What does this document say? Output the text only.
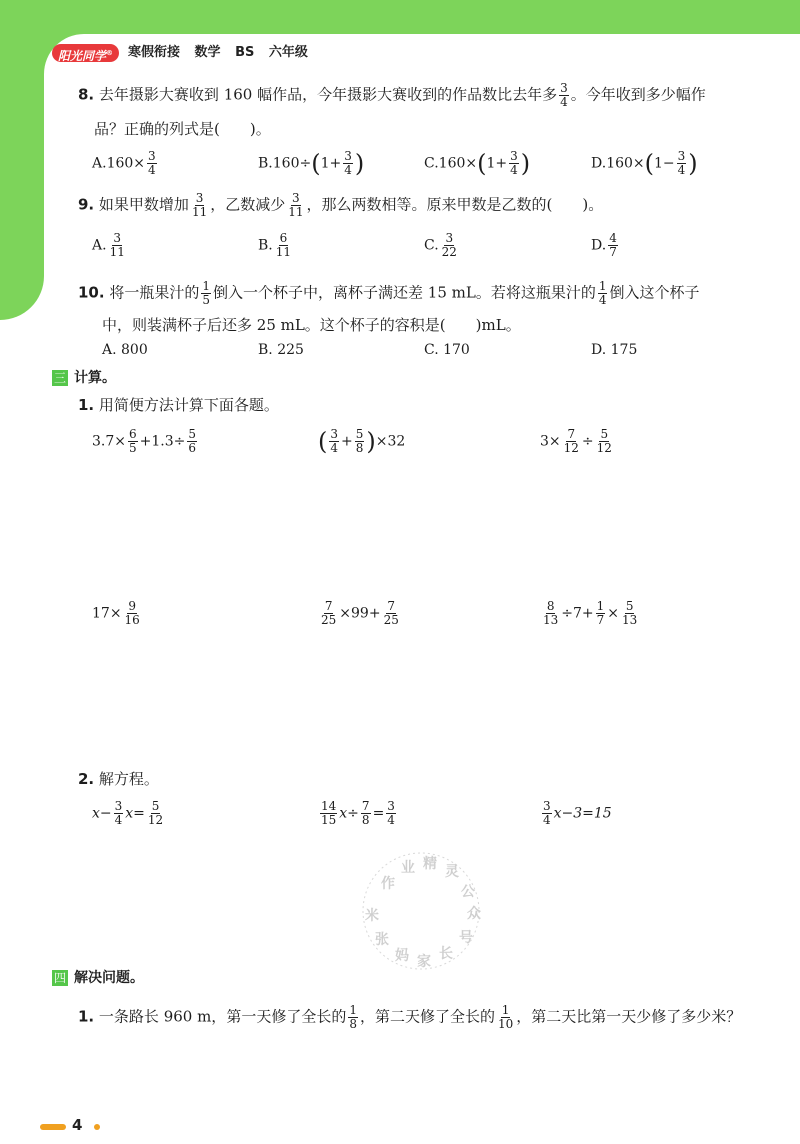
阳光同学®	寒假衔接 数学 BS 六年级
8. 去年摄影大赛收到 160 幅作品，今年摄影大赛收到的作品数比去年多 $\frac{3}{4}$ 。今年收到多少幅作
品？正确的列式是(　　)。
$A.160\times \frac{3}{4}$	$B.160\div(1+ \frac{3}{4}$ )	$C.160\times(1+ \frac{3}{4}$ )	$D.160\times(1- \frac{3}{4}$ )
9. 如果甲数增加 $\frac{3}{11}$ ，乙数减少 $\frac{3}{11}$ ，那么两数相等。原来甲数是乙数的(　　)。
A. $\frac{3}{11}$	B. $\frac{6}{11}$	C. $\frac{3}{22}$	D. $\frac{4}{7}$
10. 将一瓶果汁的 $\frac{1}{5}$ 倒入一个杯子中，离杯子满还差 15 mL。若将这瓶果汁的 $\frac{1}{4}$ 倒入这个杯子
中，则装满杯子后还多 25 mL。这个杯子的容积是(　　)mL。
A. 800	B. 225	C. 170	D. 175
三 计算。
1. 用简便方法计算下面各题。
$3.7\times \frac{6}{5} +1.3\div \frac{5}{6}$	( $\frac{3}{4} + \frac{5}{8} )\times 32$	$3\times \frac{7}{12} \div \frac{5}{12}$
$17\times \frac{9}{16}$	$\frac{7}{25} \times 99+ \frac{7}{25}$	$\frac{8}{13} \div 7+ \frac{1}{7} \times \frac{5}{13}$
2. 解方程。
$x- \frac{3}{4} x= \frac{5}{12}$	$\frac{14}{15} x\div \frac{7}{8} = \frac{3}{4}$	$\frac{3}{4} x-3=15$
作
业 精 灵
公
众
号
长
家
妈
张
米
四 解决问题。
1. 一条路长 960 m，第一天修了全长的 $\frac{1}{8}$ ，第二天修了全长的 $\frac{1}{10}$ ，第二天比第一天少修了多少米？
4
